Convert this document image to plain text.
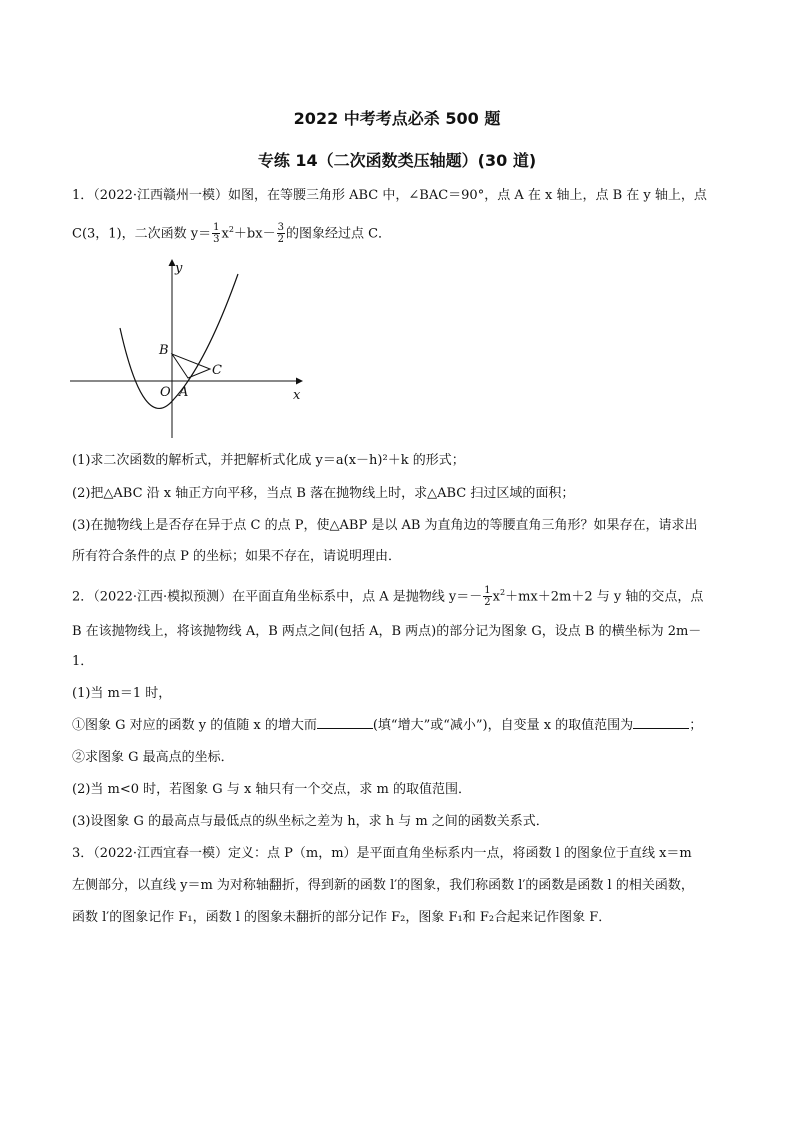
2022 中考考点必杀 500 题
专练 14（二次函数类压轴题）(30 道)
1．（2022·江西赣州一模）如图，在等腰三角形 ABC 中，∠BAC＝90°，点 A 在 x 轴上，点 B 在 y 轴上，点
C(3，1)，二次函数 $y= \frac{1}{3} x^2+bx- \frac{3}{2}$ 的图象经过点 C．
y
x
O A
B
C
(1)求二次函数的解析式，并把解析式化成 y＝a(x－h)²＋k 的形式；
(2)把△ABC 沿 x 轴正方向平移，当点 B 落在抛物线上时，求△ABC 扫过区域的面积；
(3)在抛物线上是否存在异于点 C 的点 P，使△ABP 是以 AB 为直角边的等腰直角三角形？如果存在，请求出
所有符合条件的点 P 的坐标；如果不存在，请说明理由．
2．（2022·江西·模拟预测）在平面直角坐标系中，点 A 是抛物线 $y=- \frac{1}{2} x^2+mx+2m+2$ 与 y 轴的交点，点
B 在该抛物线上，将该抛物线 A，B 两点之间(包括 A，B 两点)的部分记为图象 G，设点 B 的横坐标为 2m－
1．
(1)当 m＝1 时，
①图象 G 对应的函数 y 的值随 x 的增大而	(填“增大”或“减小”)，自变量 x 的取值范围为	；
②求图象 G 最高点的坐标．
(2)当 m<0 时，若图象 G 与 x 轴只有一个交点，求 m 的取值范围．
(3)设图象 G 的最高点与最低点的纵坐标之差为 h，求 h 与 m 之间的函数关系式．
3．（2022·江西宜春一模）定义：点 P（m，m）是平面直角坐标系内一点，将函数 l 的图象位于直线 x＝m
左侧部分，以直线 y＝m 为对称轴翻折，得到新的函数 l′的图象，我们称函数 l′的函数是函数 l 的相关函数，
函数 l′的图象记作 F₁，函数 l 的图象未翻折的部分记作 F₂，图象 F₁和 F₂合起来记作图象 F．
